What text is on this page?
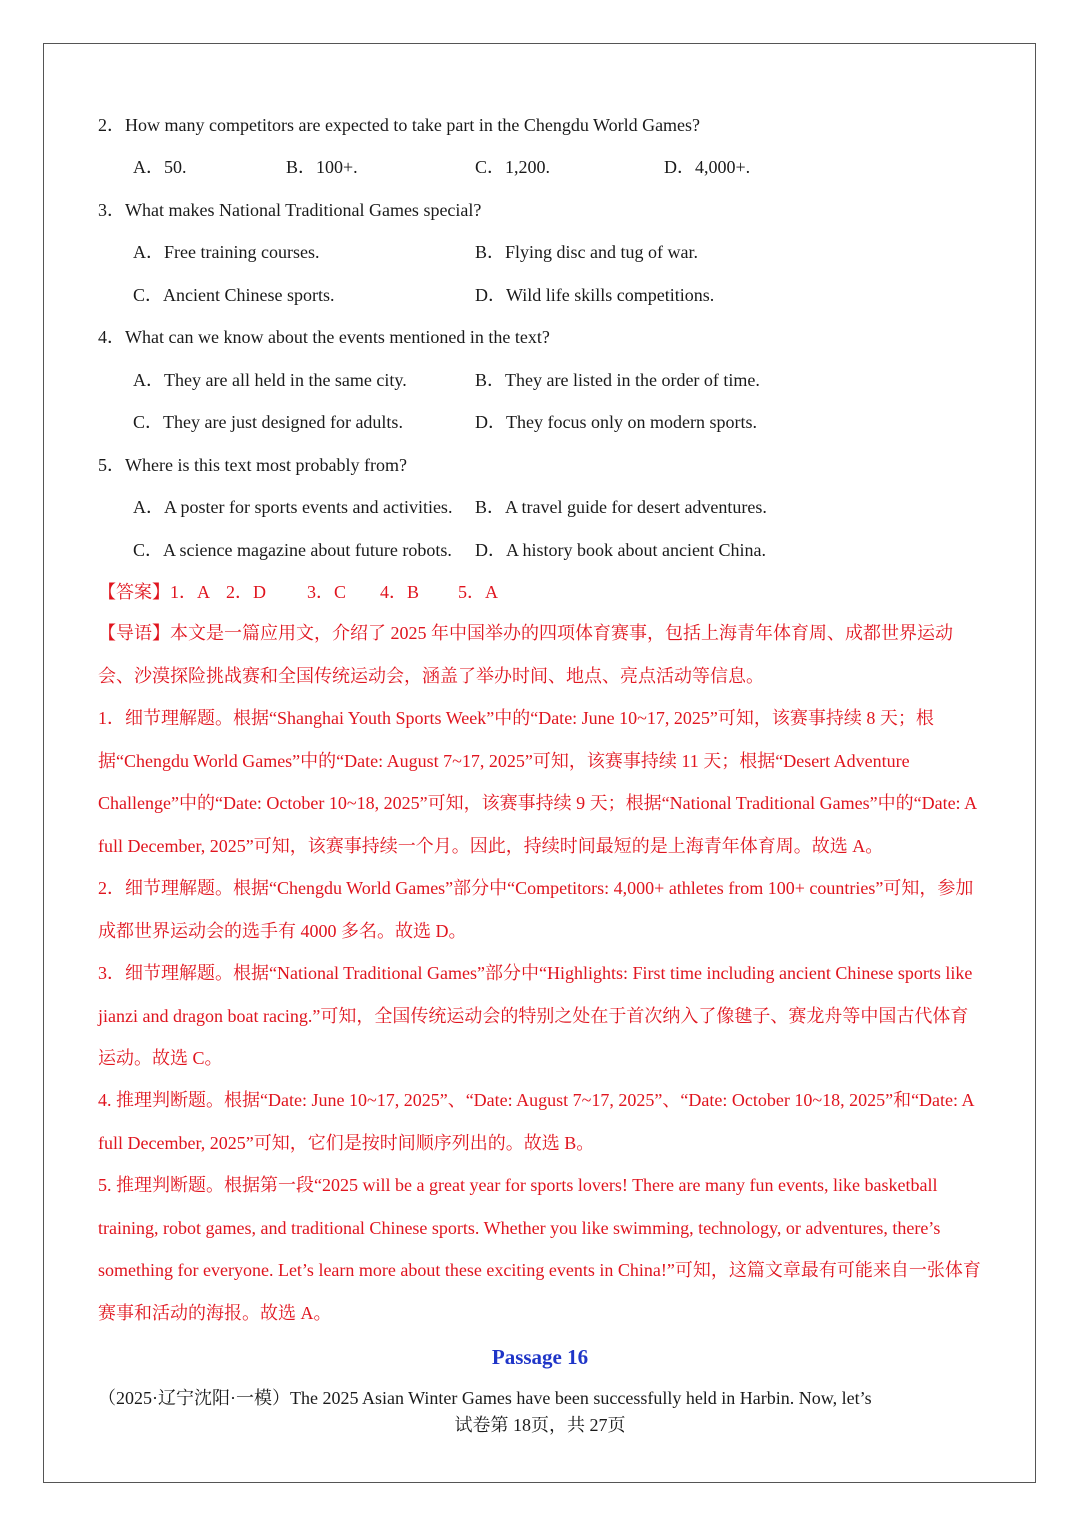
2．How many competitors are expected to take part in the Chengdu World Games?
A．50.	B．100+.	C．1,200.	D．4,000+.
3．What makes National Traditional Games special?
A．Free training courses.	B．Flying disc and tug of war.
C．Ancient Chinese sports.	D．Wild life skills competitions.
4．What can we know about the events mentioned in the text?
A．They are all held in the same city.	B．They are listed in the order of time.
C．They are just designed for adults.	D．They focus only on modern sports.
5．Where is this text most probably from?
A．A poster for sports events and activities. B．A travel guide for desert adventures.
C．A science magazine about future robots. D．A history book about ancient China.
【答案】1．A 2．D 3．C 4．B 5．A
【导语】本文是一篇应用文，介绍了 2025 年中国举办的四项体育赛事，包括上海青年体育周、成都世界运动会、沙漠探险挑战赛和全国传统运动会，涵盖了举办时间、地点、亮点活动等信息。
1．细节理解题。根据“Shanghai Youth Sports Week”中的“Date: June 10~17, 2025”可知，该赛事持续 8 天；根据“Chengdu World Games”中的“Date: August 7~17, 2025”可知，该赛事持续 11 天；根据“Desert Adventure Challenge”中的“Date: October 10~18, 2025”可知，该赛事持续 9 天；根据“National Traditional Games”中的“Date: A full December, 2025”可知，该赛事持续一个月。因此，持续时间最短的是上海青年体育周。故选 A。
2．细节理解题。根据“Chengdu World Games”部分中“Competitors: 4,000+ athletes from 100+ countries”可知，参加成都世界运动会的选手有 4000 多名。故选 D。
3．细节理解题。根据“National Traditional Games”部分中“Highlights: First time including ancient Chinese sports like jianzi and dragon boat racing.”可知，全国传统运动会的特别之处在于首次纳入了像毽子、赛龙舟等中国古代体育运动。故选 C。
4. 推理判断题。根据“Date: June 10~17, 2025”、“Date: August 7~17, 2025”、“Date: October 10~18, 2025”和“Date: A full December, 2025”可知，它们是按时间顺序列出的。故选 B。
5. 推理判断题。根据第一段“2025 will be a great year for sports lovers! There are many fun events, like basketball training, robot games, and traditional Chinese sports. Whether you like swimming, technology, or adventures, there’s something for everyone. Let’s learn more about these exciting events in China!”可知，这篇文章最有可能来自一张体育赛事和活动的海报。故选 A。
Passage 16
（2025·辽宁沈阳·一模）The 2025 Asian Winter Games have been successfully held in Harbin. Now, let’s
试卷第 18页，共 27页
